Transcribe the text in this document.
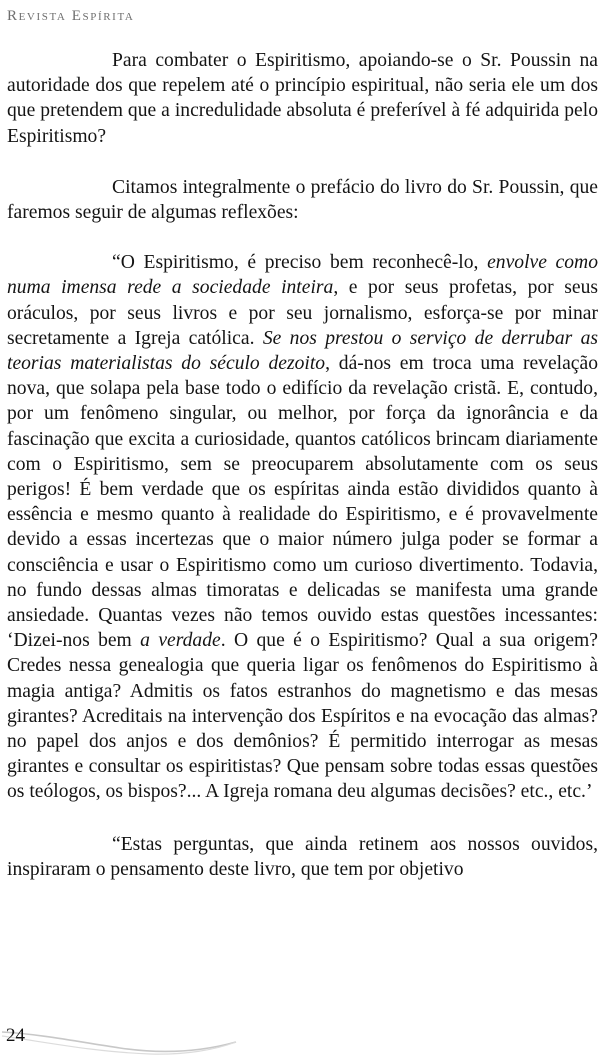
Revista Espírita

Para combater o Espiritismo, apoiando-se o Sr. Poussin na autoridade dos que repelem até o princípio espiritual, não seria ele um dos que pretendem que a incredulidade absoluta é preferível à fé adquirida pelo Espiritismo?

Citamos integralmente o prefácio do livro do Sr. Poussin, que faremos seguir de algumas reflexões:

“O Espiritismo, é preciso bem reconhecê-lo, envolve como numa imensa rede a sociedade inteira, e por seus profetas, por seus oráculos, por seus livros e por seu jornalismo, esforça-se por minar secretamente a Igreja católica. Se nos prestou o serviço de derrubar as teorias materialistas do século dezoito, dá-nos em troca uma revelação nova, que solapa pela base todo o edifício da revelação cristã. E, contudo, por um fenômeno singular, ou melhor, por força da ignorância e da fascinação que excita a curiosidade, quantos católicos brincam diariamente com o Espiritismo, sem se preocuparem absolutamente com os seus perigos! É bem verdade que os espíritas ainda estão divididos quanto à essência e mesmo quanto à realidade do Espiritismo, e é provavelmente devido a essas incertezas que o maior número julga poder se formar a consciência e usar o Espiritismo como um curioso divertimento. Todavia, no fundo dessas almas timoratas e delicadas se manifesta uma grande ansiedade. Quantas vezes não temos ouvido estas questões incessantes: ‘Dizei-nos bem a verdade. O que é o Espiritismo? Qual a sua origem? Credes nessa genealogia que queria ligar os fenômenos do Espiritismo à magia antiga? Admitis os fatos estranhos do magnetismo e das mesas girantes? Acreditais na intervenção dos Espíritos e na evocação das almas? no papel dos anjos e dos demônios? É permitido interrogar as mesas girantes e consultar os espiritistas? Que pensam sobre todas essas questões os teólogos, os bispos?... A Igreja romana deu algumas decisões? etc., etc.’

“Estas perguntas, que ainda retinem aos nossos ouvidos, inspiraram o pensamento deste livro, que tem por objetivo

24
